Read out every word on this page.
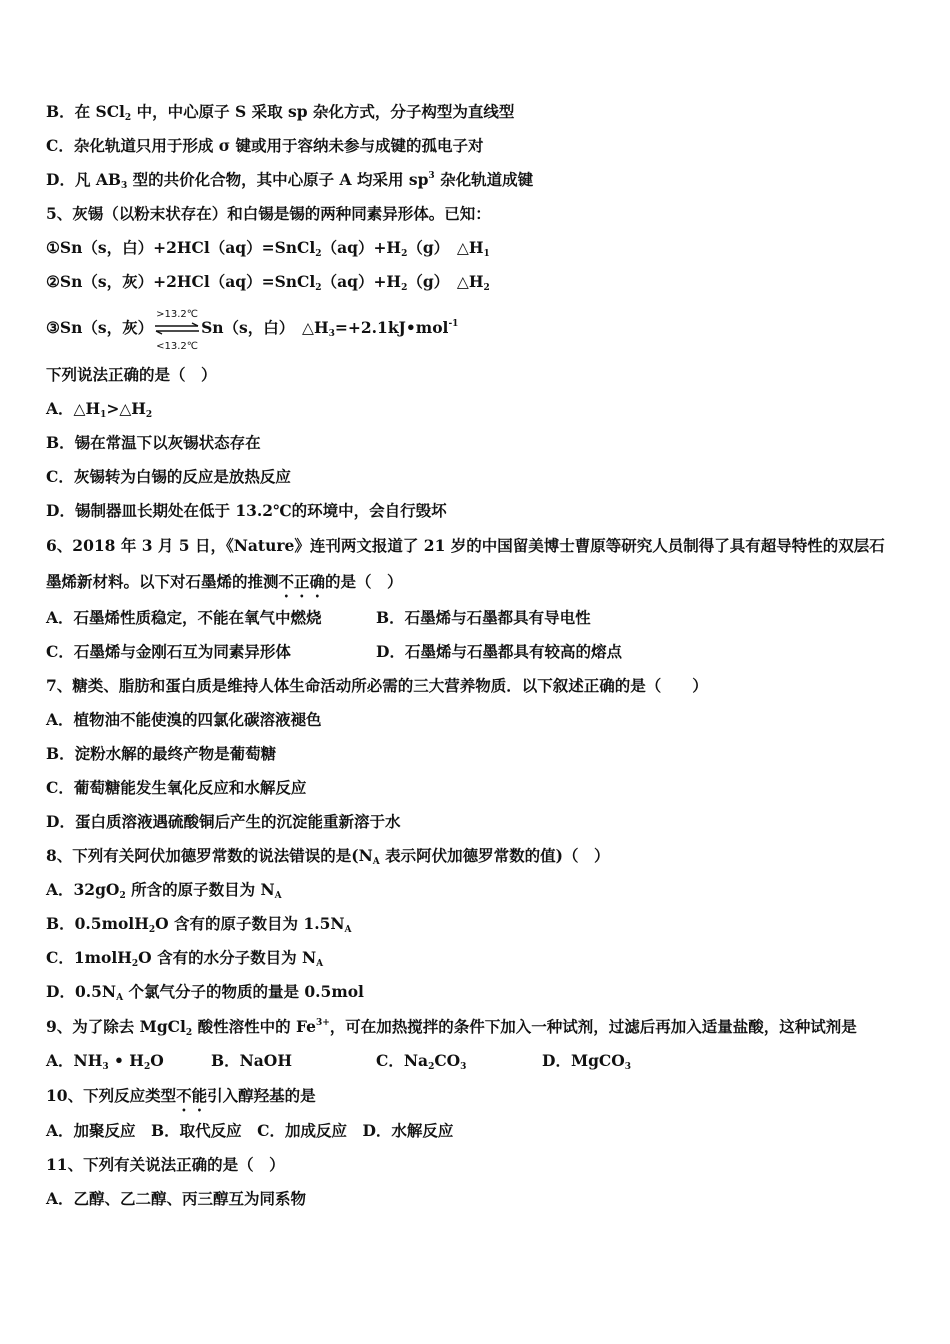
B．在 SCl$_2$ 中，中心原子 S 采取 sp 杂化方式，分子构型为直线型
C．杂化轨道只用于形成 σ 键或用于容纳未参与成键的孤电子对
D．凡 $AB_3$ 型的共价化合物，其中心原子 A 均采用 $sp^3$ 杂化轨道成键
5、灰锡（以粉末状存在）和白锡是锡的两种同素异形体。已知：
①Sn（s，白）$+2HCl(aq)=SnCl_2(aq)+H_2(g)$　$\triangle H_1$
②Sn（s，灰）$+2HCl(aq)=SnCl_2(aq)+H_2(g)$　$\triangle H_2$
③Sn（s，灰）
>13.2℃
<13.2℃
Sn（s，白）　$\triangle H_3=+2.1kJ•mol^{-1}$
下列说法正确的是（　）
A．$\triangle H_1>\triangle H_2$
B．锡在常温下以灰锡状态存在
C．灰锡转为白锡的反应是放热反应
D．锡制器皿长期处在低于 13.2℃的环境中，会自行毁坏
6、2018 年 3 月 5 日，《Nature》连刊两文报道了 21 岁的中国留美博士曹原等研究人员制得了具有超导特性的双层石
墨烯新材料。以下对石墨烯的推测不正确的是（　）
A．石墨烯性质稳定，不能在氧气中燃烧	B．石墨烯与石墨都具有导电性
C．石墨烯与金刚石互为同素异形体	D．石墨烯与石墨都具有较高的熔点
7、糖类、脂肪和蛋白质是维持人体生命活动所必需的三大营养物质．以下叙述正确的是（　　）
A．植物油不能使溴的四氯化碳溶液褪色
B．淀粉水解的最终产物是葡萄糖
C．葡萄糖能发生氧化反应和水解反应
D．蛋白质溶液遇硫酸铜后产生的沉淀能重新溶于水
8、下列有关阿伏加德罗常数的说法错误的是($N_A$ 表示阿伏加德罗常数的值)（　）
A．$32gO_2$ 所含的原子数目为 $N_A$
B．0.5molH$_2$O 含有的原子数目为 $1.5N_A$
C．1molH$_2$O 含有的水分子数目为 $N_A$
D．$0.5N_A$ 个氯气分子的物质的量是 0.5mol
9、为了除去 MgCl$_2$ 酸性溶性中的 $Fe^{3+}$，可在加热搅拌的条件下加入一种试剂，过滤后再加入适量盐酸，这种试剂是
A．$NH_3$ • $H_2O$	B．NaOH	C．$Na_2CO_3$	D．MgCO$_3$
10、下列反应类型不能引入醇羟基的是
A．加聚反应　B．取代反应　C．加成反应　D．水解反应
11、下列有关说法正确的是（　）
A．乙醇、乙二醇、丙三醇互为同系物
